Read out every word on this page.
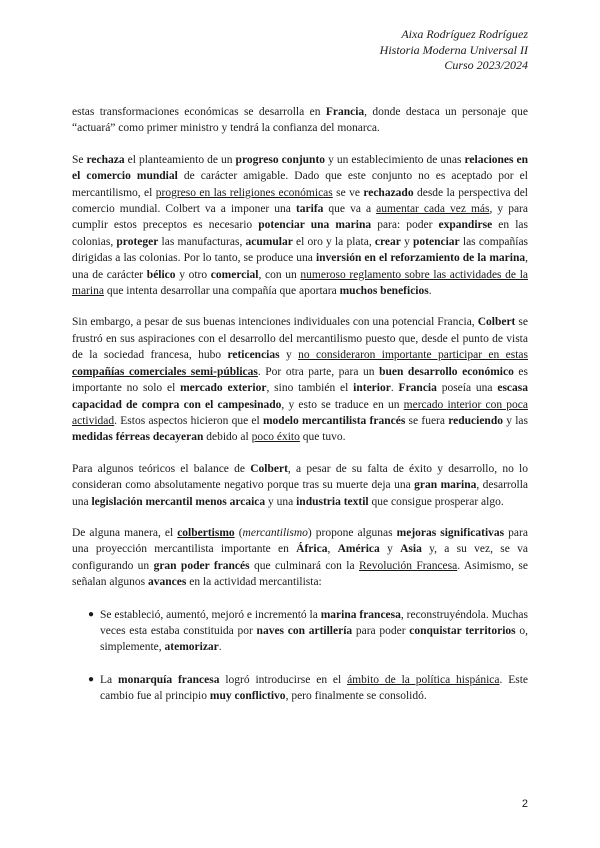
Aixa Rodríguez Rodríguez
Historia Moderna Universal II
Curso 2023/2024

estas transformaciones económicas se desarrolla en Francia, donde destaca un personaje que “actuará” como primer ministro y tendrá la confianza del monarca.

Se rechaza el planteamiento de un progreso conjunto y un establecimiento de unas relaciones en el comercio mundial de carácter amigable. Dado que este conjunto no es aceptado por el mercantilismo, el progreso en las religiones económicas se ve rechazado desde la perspectiva del comercio mundial. Colbert va a imponer una tarifa que va a aumentar cada vez más, y para cumplir estos preceptos es necesario potenciar una marina para: poder expandirse en las colonias, proteger las manufacturas, acumular el oro y la plata, crear y potenciar las compañías dirigidas a las colonias. Por lo tanto, se produce una inversión en el reforzamiento de la marina, una de carácter bélico y otro comercial, con un numeroso reglamento sobre las actividades de la marina que intenta desarrollar una compañía que aportara muchos beneficios.

Sin embargo, a pesar de sus buenas intenciones individuales con una potencial Francia, Colbert se frustró en sus aspiraciones con el desarrollo del mercantilismo puesto que, desde el punto de vista de la sociedad francesa, hubo reticencias y no consideraron importante participar en estas compañías comerciales semi-públicas. Por otra parte, para un buen desarrollo económico es importante no solo el mercado exterior, sino también el interior. Francia poseía una escasa capacidad de compra con el campesinado, y esto se traduce en un mercado interior con poca actividad. Estos aspectos hicieron que el modelo mercantilista francés se fuera reduciendo y las medidas férreas decayeran debido al poco éxito que tuvo.

Para algunos teóricos el balance de Colbert, a pesar de su falta de éxito y desarrollo, no lo consideran como absolutamente negativo porque tras su muerte deja una gran marina, desarrolla una legislación mercantil menos arcaica y una industria textil que consigue prosperar algo.

De alguna manera, el colbertismo (mercantilismo) propone algunas mejoras significativas para una proyección mercantilista importante en África, América y Asia y, a su vez, se va configurando un gran poder francés que culminará con la Revolución Francesa. Asimismo, se señalan algunos avances en la actividad mercantilista:

● Se estableció, aumentó, mejoró e incrementó la marina francesa, reconstruyéndola. Muchas veces esta estaba constituida por naves con artillería para poder conquistar territorios o, simplemente, atemorizar.
● La monarquía francesa logró introducirse en el ámbito de la política hispánica. Este cambio fue al principio muy conflictivo, pero finalmente se consolidó.
2
